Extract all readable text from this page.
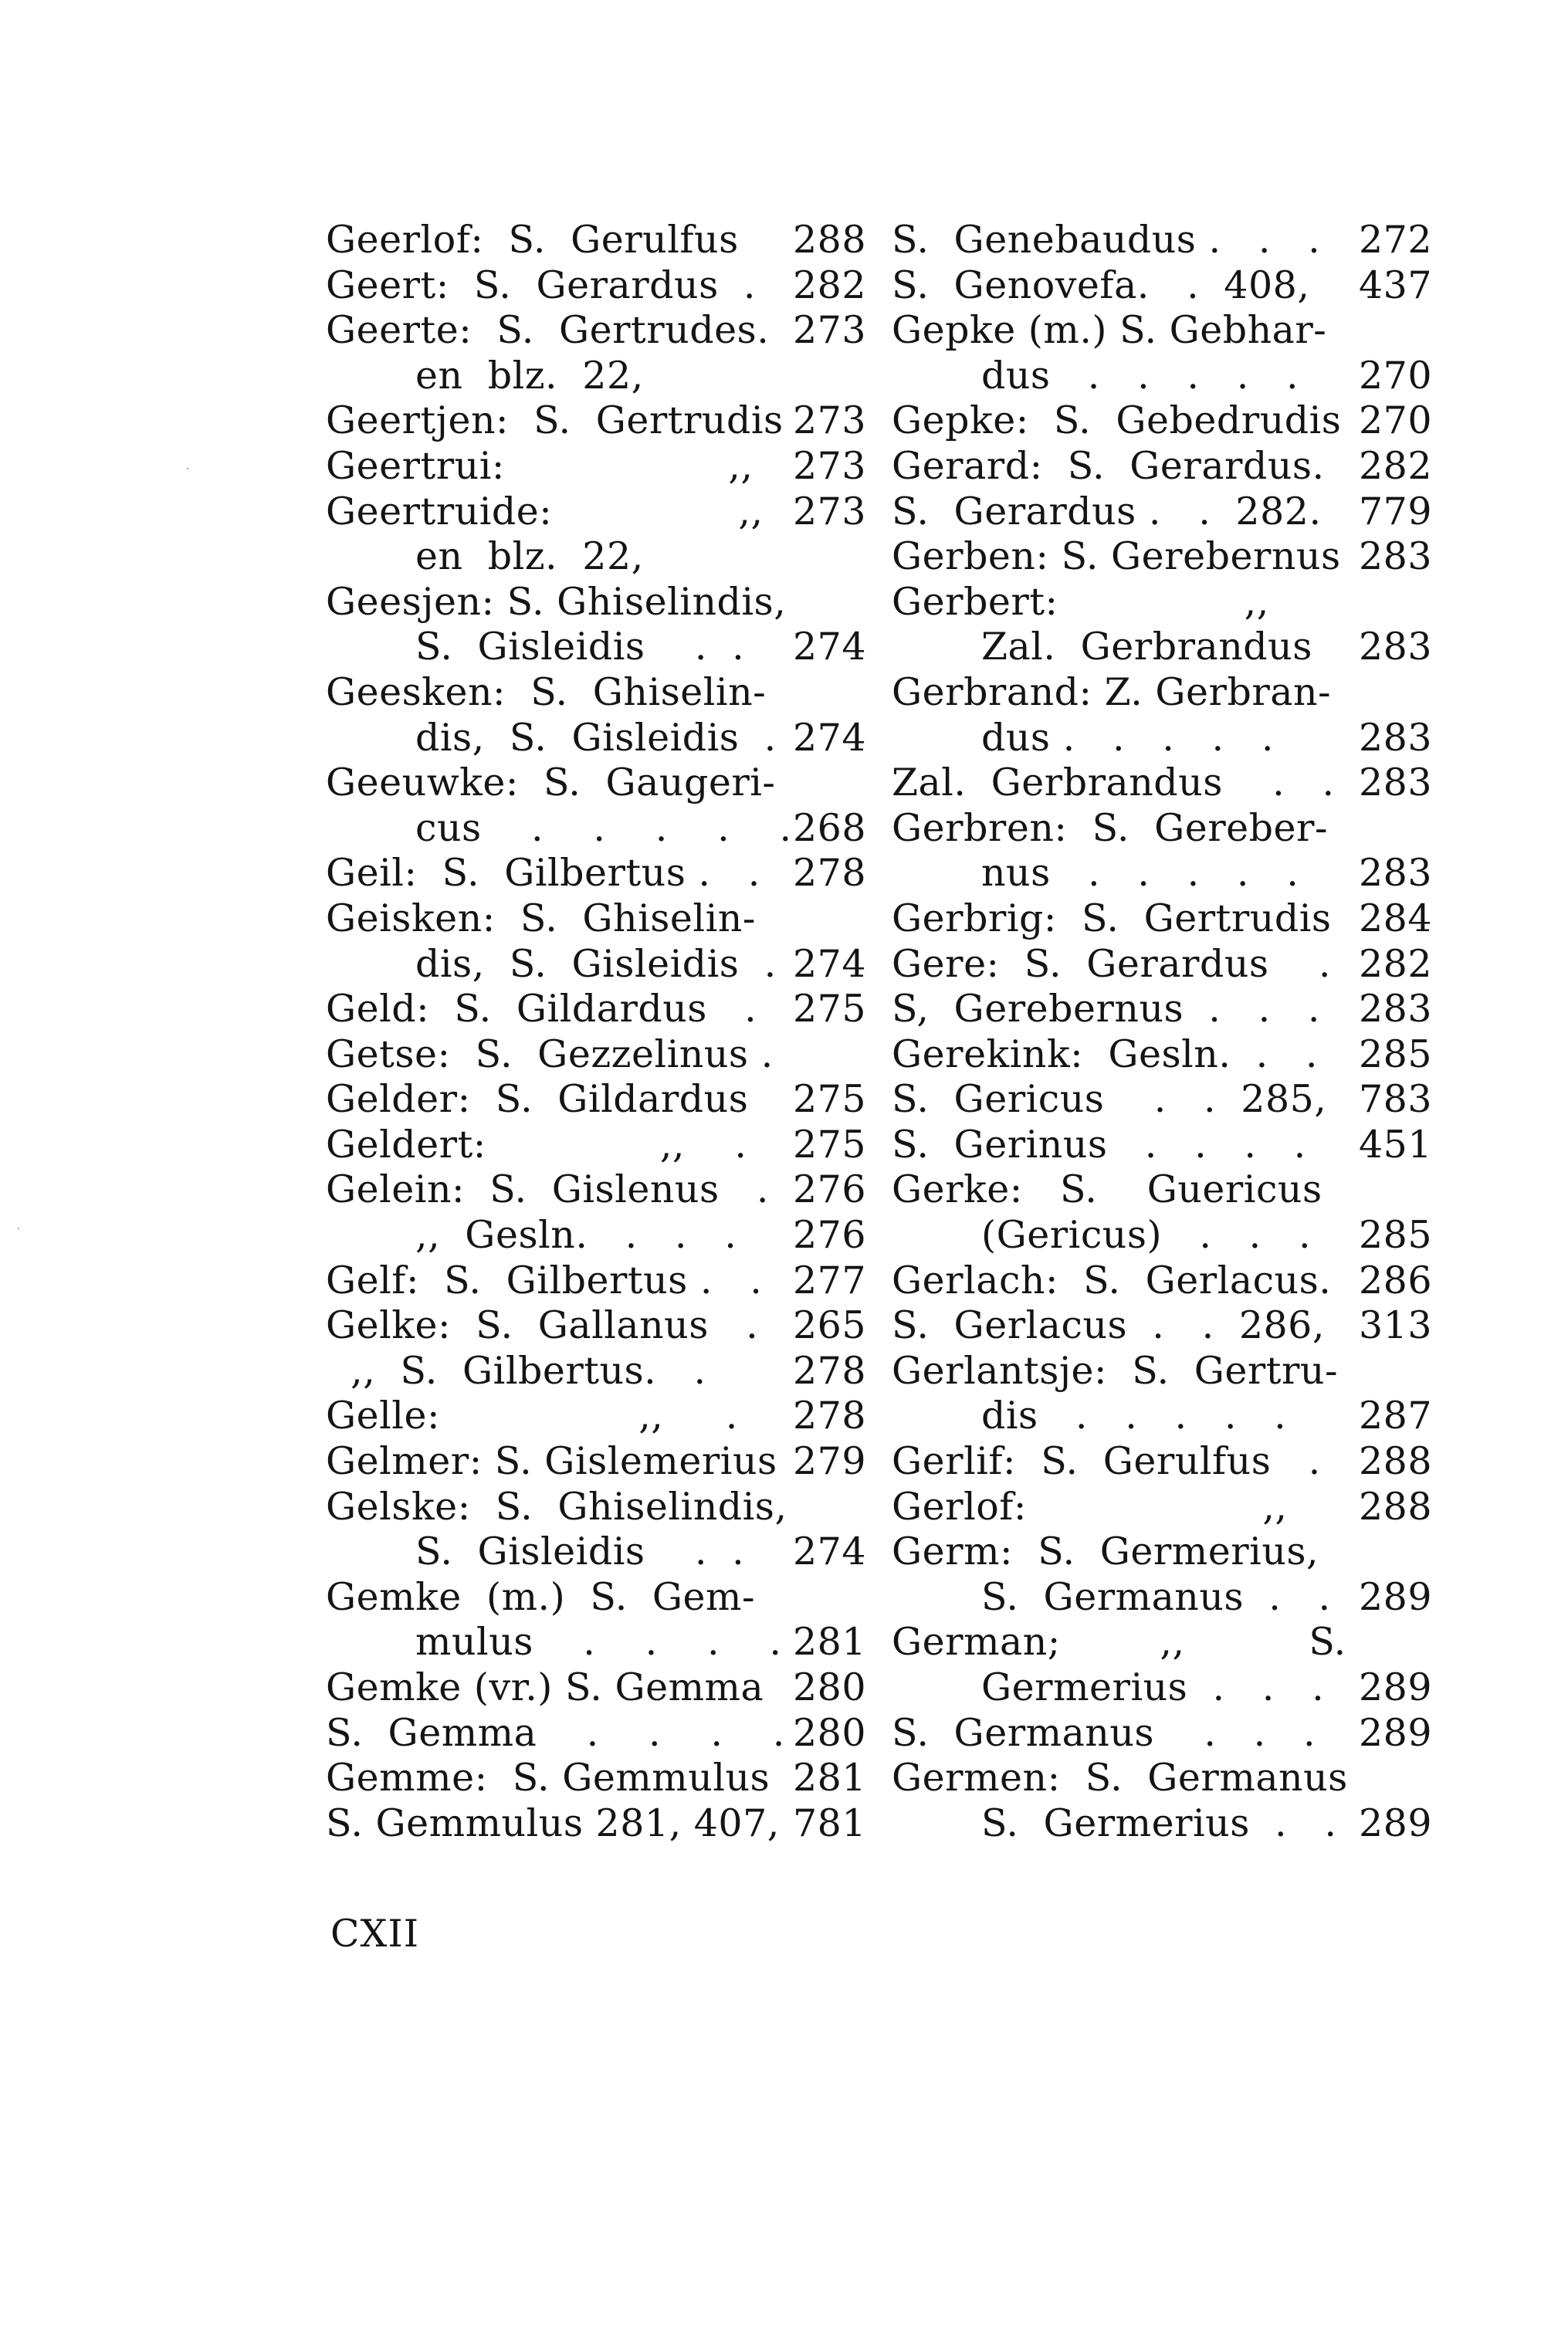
Geerlof:  S.  Gerulfus 288
Geert:  S.  Gerardus  . 282
Geerte:  S.  Gertrudes. 273
en  blz.  22,
Geertjen:  S.  Gertrudis 273
Geertrui:                  ,, 273
Geertruide:               ,, 273
en  blz.  22,
Geesjen: S. Ghiselindis,
S.  Gisleidis    .  . 274
Geesken:  S.  Ghiselin-
dis,  S.  Gisleidis  . 274
Geeuwke:  S.  Gaugeri-
cus    .    .    .    .    . 268
Geil:  S.  Gilbertus .   . 278
Geisken:  S.  Ghiselin-
dis,  S.  Gisleidis  . 274
Geld:  S.  Gildardus   . 275
Getse:  S.  Gezzelinus .
Gelder:  S.  Gildardus 275
Geldert:              ,,    . 275
Gelein:  S.  Gislenus   . 276
,,  Gesln.   .   .   . 276
Gelf:  S.  Gilbertus .   . 277
Gelke:  S.  Gallanus   . 265
,,  S.  Gilbertus.   . 278
Gelle:                ,,     . 278
Gelmer: S. Gislemerius 279
Gelske:  S.  Ghiselindis,
S.  Gisleidis    .  . 274
Gemke  (m.)  S.  Gem-
mulus    .    .    .    . 281
Gemke (vr.) S. Gemma 280
S.  Gemma    .    .    .    . 280
Gemme:  S. Gemmulus 281
S. Gemmulus 281, 407, 781
S.  Genebaudus .   .   . 272
S.  Genovefa.   .  408, 437
Gepke (m.) S. Gebhar-
dus   .   .   .   .   . 270
Gepke:  S.  Gebedrudis 270
Gerard:  S.  Gerardus. 282
S.  Gerardus .   .  282. 779
Gerben: S. Gerebernus 283
Gerbert:               ,,
Zal.  Gerbrandus 283
Gerbrand: Z. Gerbran-
dus .   .   .   .   . 283
Zal.  Gerbrandus    .   . 283
Gerbren:  S.  Gereber-
nus   .   .   .   .   . 283
Gerbrig:  S.  Gertrudis 284
Gere:  S.  Gerardus    . 282
S,  Gerebernus  .   .   . 283
Gerekink:  Gesln.  .   . 285
S.  Gericus    .   .  285, 783
S.  Gerinus   .   .   .   . 451
Gerke:   S.    Guericus
(Gericus)   .   .   . 285
Gerlach:  S.  Gerlacus. 286
S.  Gerlacus  .   .  286, 313
Gerlantsje:  S.  Gertru-
dis   .   .   .   .   . 287
Gerlif:  S.  Gerulfus   . 288
Gerlof:                   ,, 288
Germ:  S.  Germerius,
S.  Germanus  .   . 289
German;        ,,          S.
Germerius  .   .   . 289
S.  Germanus    .   .   . 289
Germen:  S.  Germanus
S.  Germerius  .   . 289
CXII
